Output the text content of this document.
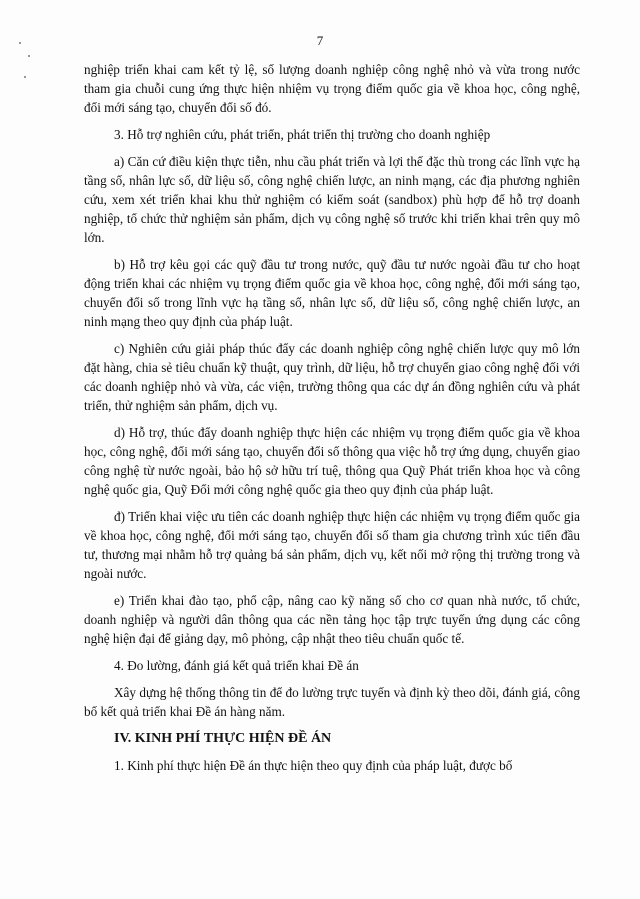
7

nghiệp triển khai cam kết tỷ lệ, số lượng doanh nghiệp công nghệ nhỏ và vừa trong nước tham gia chuỗi cung ứng thực hiện nhiệm vụ trọng điểm quốc gia về khoa học, công nghệ, đổi mới sáng tạo, chuyển đổi số đó.

3. Hỗ trợ nghiên cứu, phát triển, phát triển thị trường cho doanh nghiệp

a) Căn cứ điều kiện thực tiễn, nhu cầu phát triển và lợi thế đặc thù trong các lĩnh vực hạ tầng số, nhân lực số, dữ liệu số, công nghệ chiến lược, an ninh mạng, các địa phương nghiên cứu, xem xét triển khai khu thử nghiệm có kiểm soát (sandbox) phù hợp để hỗ trợ doanh nghiệp, tổ chức thử nghiệm sản phẩm, dịch vụ công nghệ số trước khi triển khai trên quy mô lớn.

b) Hỗ trợ kêu gọi các quỹ đầu tư trong nước, quỹ đầu tư nước ngoài đầu tư cho hoạt động triển khai các nhiệm vụ trọng điểm quốc gia về khoa học, công nghệ, đổi mới sáng tạo, chuyển đổi số trong lĩnh vực hạ tầng số, nhân lực số, dữ liệu số, công nghệ chiến lược, an ninh mạng theo quy định của pháp luật.

c) Nghiên cứu giải pháp thúc đẩy các doanh nghiệp công nghệ chiến lược quy mô lớn đặt hàng, chia sẻ tiêu chuẩn kỹ thuật, quy trình, dữ liệu, hỗ trợ chuyển giao công nghệ đối với các doanh nghiệp nhỏ và vừa, các viện, trường thông qua các dự án đồng nghiên cứu và phát triển, thử nghiệm sản phẩm, dịch vụ.

d) Hỗ trợ, thúc đẩy doanh nghiệp thực hiện các nhiệm vụ trọng điểm quốc gia về khoa học, công nghệ, đổi mới sáng tạo, chuyển đổi số thông qua việc hỗ trợ ứng dụng, chuyển giao công nghệ từ nước ngoài, bảo hộ sở hữu trí tuệ, thông qua Quỹ Phát triển khoa học và công nghệ quốc gia, Quỹ Đổi mới công nghệ quốc gia theo quy định của pháp luật.

đ) Triển khai việc ưu tiên các doanh nghiệp thực hiện các nhiệm vụ trọng điểm quốc gia về khoa học, công nghệ, đổi mới sáng tạo, chuyển đổi số tham gia chương trình xúc tiến đầu tư, thương mại nhằm hỗ trợ quảng bá sản phẩm, dịch vụ, kết nối mở rộng thị trường trong và ngoài nước.

e) Triển khai đào tạo, phổ cập, nâng cao kỹ năng số cho cơ quan nhà nước, tổ chức, doanh nghiệp và người dân thông qua các nền tảng học tập trực tuyến ứng dụng các công nghệ hiện đại để giảng dạy, mô phỏng, cập nhật theo tiêu chuẩn quốc tế.

4. Đo lường, đánh giá kết quả triển khai Đề án

Xây dựng hệ thống thông tin để đo lường trực tuyến và định kỳ theo dõi, đánh giá, công bố kết quả triển khai Đề án hàng năm.

IV. KINH PHÍ THỰC HIỆN ĐỀ ÁN

1. Kinh phí thực hiện Đề án thực hiện theo quy định của pháp luật, được bố
